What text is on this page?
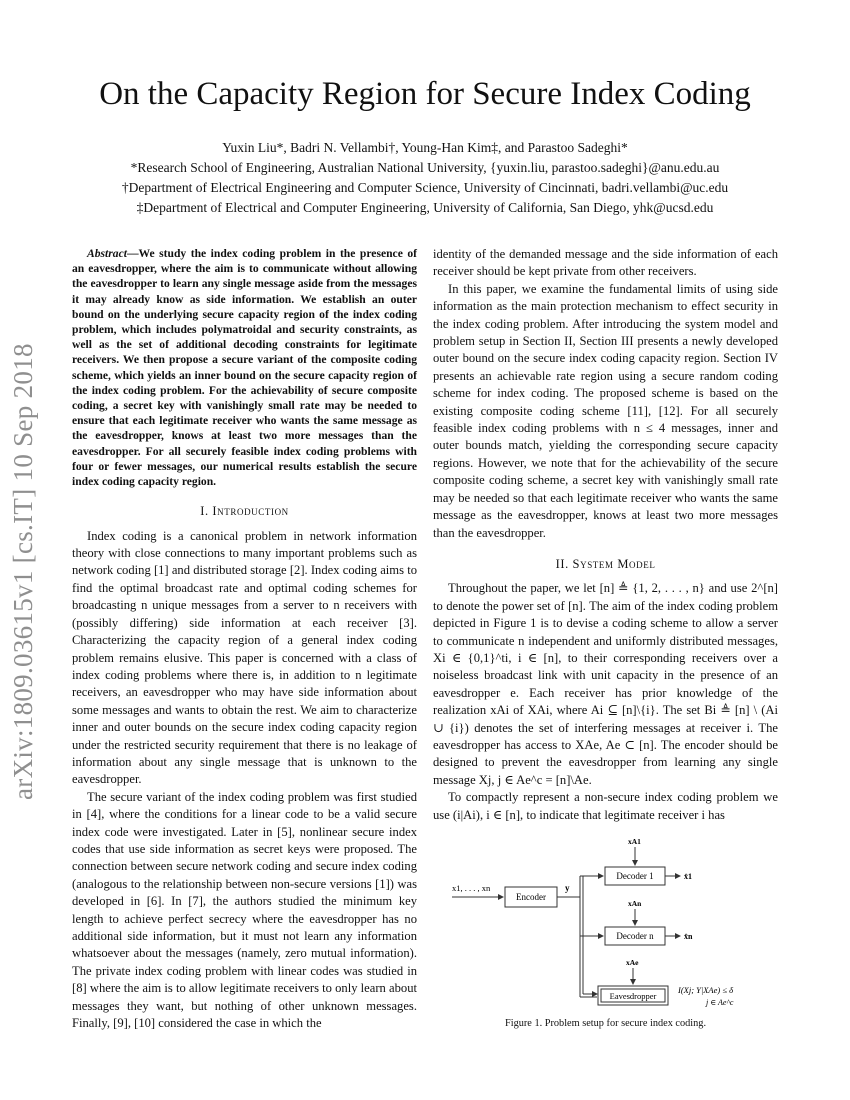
arXiv:1809.03615v1 [cs.IT] 10 Sep 2018
On the Capacity Region for Secure Index Coding
Yuxin Liu*, Badri N. Vellambi†, Young-Han Kim‡, and Parastoo Sadeghi*
*Research School of Engineering, Australian National University, {yuxin.liu, parastoo.sadeghi}@anu.edu.au
†Department of Electrical Engineering and Computer Science, University of Cincinnati, badri.vellambi@uc.edu
‡Department of Electrical and Computer Engineering, University of California, San Diego, yhk@ucsd.edu

Abstract—We study the index coding problem in the presence of an eavesdropper, where the aim is to communicate without allowing the eavesdropper to learn any single message aside from the messages it may already know as side information. We establish an outer bound on the underlying secure capacity region of the index coding problem, which includes polymatroidal and security constraints, as well as the set of additional decoding constraints for legitimate receivers. We then propose a secure variant of the composite coding scheme, which yields an inner bound on the secure capacity region of the index coding problem. For the achievability of secure composite coding, a secret key with vanishingly small rate may be needed to ensure that each legitimate receiver who wants the same message as the eavesdropper, knows at least two more messages than the eavesdropper. For all securely feasible index coding problems with four or fewer messages, our numerical results establish the secure index coding capacity region.

I. Introduction

Index coding is a canonical problem in network information theory with close connections to many important problems such as network coding [1] and distributed storage [2]. Index coding aims to find the optimal broadcast rate and optimal coding schemes for broadcasting n unique messages from a server to n receivers with (possibly differing) side information at each receiver [3]. Characterizing the capacity region of a general index coding problem remains elusive. This paper is concerned with a class of index coding problems where there is, in addition to n legitimate receivers, an eavesdropper who may have side information about some messages and wants to obtain the rest. We aim to characterize inner and outer bounds on the secure index coding capacity region under the restricted security requirement that there is no leakage of information about any single message that is unknown to the eavesdropper.

The secure variant of the index coding problem was first studied in [4], where the conditions for a linear code to be a valid secure index code were investigated. Later in [5], nonlinear secure index codes that use side information as secret keys were proposed. The connection between secure network coding and secure index coding (analogous to the relationship between non-secure versions [1]) was developed in [6]. In [7], the authors studied the minimum key length to achieve perfect secrecy where the eavesdropper has no additional side information, but it must not learn any information whatsoever about the messages (namely, zero mutual information). The private index coding problem with linear codes was studied in [8] where the aim is to allow legitimate receivers to only learn about messages they want, but nothing of other unknown messages. Finally, [9], [10] considered the case in which the

identity of the demanded message and the side information of each receiver should be kept private from other receivers.

In this paper, we examine the fundamental limits of using side information as the main protection mechanism to effect security in the index coding problem. After introducing the system model and problem setup in Section II, Section III presents a newly developed outer bound on the secure index coding capacity region. Section IV presents an achievable rate region using a secure random coding scheme for index coding. The proposed scheme is based on the existing composite coding scheme [11], [12]. For all securely feasible index coding problems with n ≤ 4 messages, inner and outer bounds match, yielding the corresponding secure capacity regions. However, we note that for the achievability of the secure composite coding scheme, a secret key with vanishingly small rate may be needed so that each legitimate receiver who wants the same message as the eavesdropper, knows at least two more messages than the eavesdropper.

II. System Model

Throughout the paper, we let [n] ≜ {1, 2, . . . , n} and use 2^[n] to denote the power set of [n]. The aim of the index coding problem depicted in Figure 1 is to devise a coding scheme to allow a server to communicate n independent and uniformly distributed messages, Xi ∈ {0,1}^ti, i ∈ [n], to their corresponding receivers over a noiseless broadcast link with unit capacity in the presence of an eavesdropper e. Each receiver has prior knowledge of the realization xAi of XAi, where Ai ⊆ [n]\{i}. The set Bi ≜ [n] \ (Ai ∪ {i}) denotes the set of interfering messages at receiver i. The eavesdropper has access to XAe, Ae ⊂ [n]. The encoder should be designed to prevent the eavesdropper from learning any single message Xj, j ∈ Ae^c = [n]\Ae.

To compactly represent a non-secure index coding problem we use (i|Ai), i ∈ [n], to indicate that legitimate receiver i has

x1, . . . , xn
Encoder
y
Decoder 1
xA1
x̂1
Decoder n
xAn
x̂n
Eavesdropper
xAe
I(Xj; Y|XAe) ≤ δ
j ∈ Ae^c
Figure 1. Problem setup for secure index coding.
